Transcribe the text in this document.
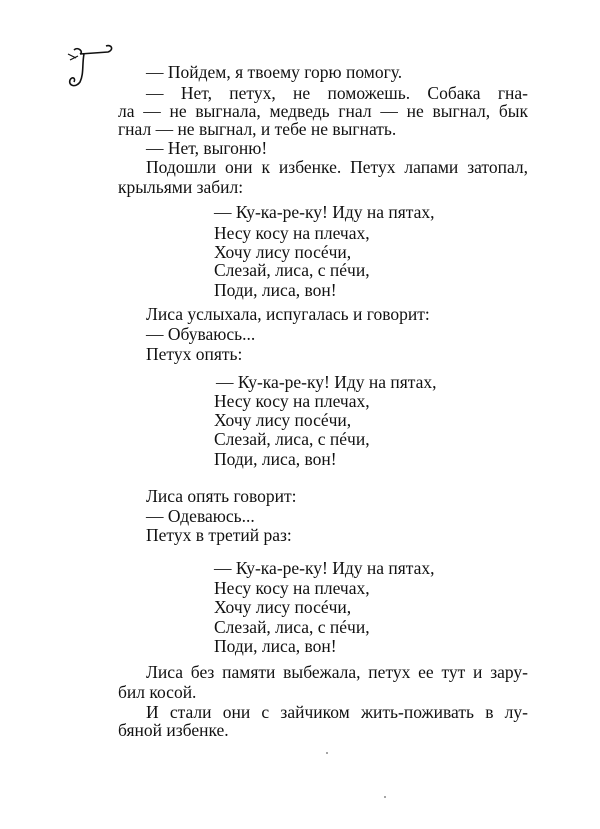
— Пойдем, я твоему горю помогу.
— Нет, петух, не поможешь. Собака гна-
ла — не выгнала, медведь гнал — не выгнал, бык
гнал — не выгнал, и тебе не выгнать.
— Нет, выгоню!
Подошли они к избенке. Петух лапами затопал,
крыльями забил:
— Ку-ка-ре-ку! Иду на пятах,
Несу косу на плечах,
Хочу лису посéчи,
Слезай, лиса, с пéчи,
Поди, лиса, вон!
Лиса услыхала, испугалась и говорит:
— Обуваюсь...
Петух опять:
— Ку-ка-ре-ку! Иду на пятах,
Несу косу на плечах,
Хочу лису посéчи,
Слезай, лиса, с пéчи,
Поди, лиса, вон!
Лиса опять говорит:
— Одеваюсь...
Петух в третий раз:
— Ку-ка-ре-ку! Иду на пятах,
Несу косу на плечах,
Хочу лису посéчи,
Слезай, лиса, с пéчи,
Поди, лиса, вон!
Лиса без памяти выбежала, петух ее тут и зару-
бил косой.
И стали они с зайчиком жить-поживать в лу-
бяной избенке.
